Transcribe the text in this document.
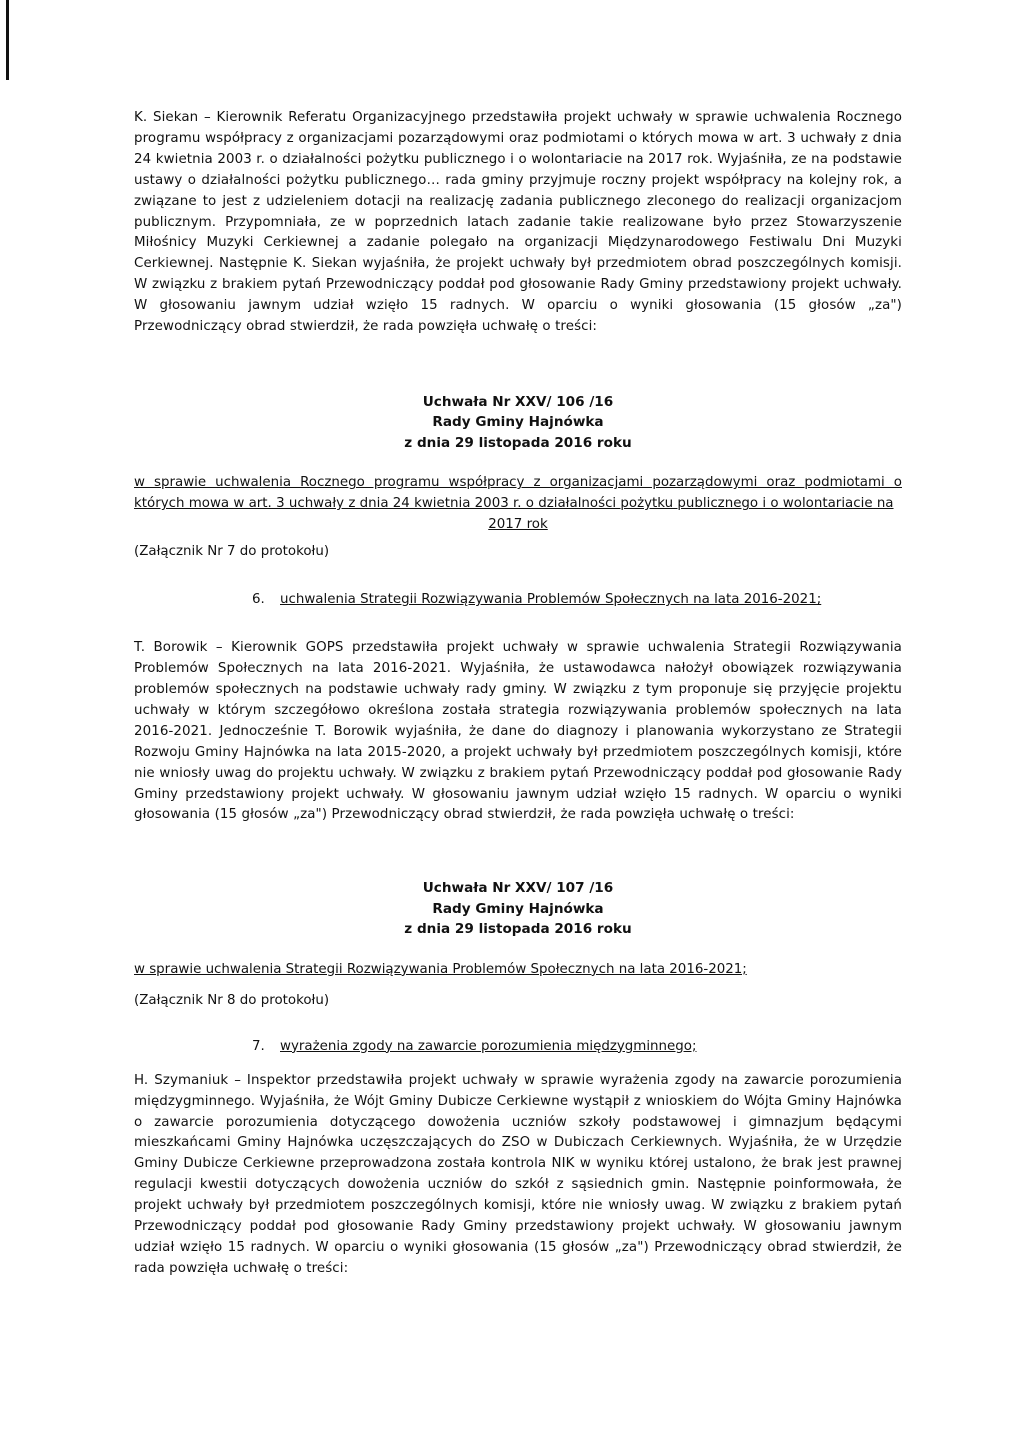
K. Siekan – Kierownik Referatu Organizacyjnego przedstawiła projekt uchwały w sprawie uchwalenia Rocznego programu współpracy z organizacjami pozarządowymi oraz podmiotami o których mowa w art. 3 uchwały z dnia 24 kwietnia 2003 r. o działalności pożytku publicznego i o wolontariacie na 2017 rok. Wyjaśniła, ze na podstawie ustawy o działalności pożytku publicznego… rada gminy przyjmuje roczny projekt współpracy na kolejny rok, a związane to jest z udzieleniem dotacji na realizację zadania publicznego zleconego do realizacji organizacjom publicznym. Przypomniała, ze w poprzednich latach zadanie takie realizowane było przez Stowarzyszenie Miłośnicy Muzyki Cerkiewnej a zadanie polegało na organizacji Międzynarodowego Festiwalu Dni Muzyki Cerkiewnej. Następnie K. Siekan wyjaśniła, że projekt uchwały był przedmiotem obrad poszczególnych komisji. W związku z brakiem pytań Przewodniczący poddał pod głosowanie Rady Gminy przedstawiony projekt uchwały. W głosowaniu jawnym udział wzięło 15 radnych. W oparciu o wyniki głosowania (15 głosów „za") Przewodniczący obrad stwierdził, że rada powzięła uchwałę o treści:

Uchwała Nr XXV/ 106 /16
Rady Gminy Hajnówka
z dnia 29 listopada 2016 roku

w sprawie uchwalenia Rocznego programu współpracy z organizacjami pozarządowymi oraz podmiotami o których mowa w art. 3 uchwały z dnia 24 kwietnia 2003 r. o działalności pożytku publicznego i o wolontariacie na
2017 rok

(Załącznik Nr 7 do protokołu)

6. uchwalenia Strategii Rozwiązywania Problemów Społecznych na lata 2016-2021;

T. Borowik – Kierownik GOPS przedstawiła projekt uchwały w sprawie uchwalenia Strategii Rozwiązywania Problemów Społecznych na lata 2016-2021. Wyjaśniła, że ustawodawca nałożył obowiązek rozwiązywania problemów społecznych na podstawie uchwały rady gminy. W związku z tym proponuje się przyjęcie projektu uchwały w którym szczegółowo określona została strategia rozwiązywania problemów społecznych na lata 2016-2021. Jednocześnie T. Borowik wyjaśniła, że dane do diagnozy i planowania wykorzystano ze Strategii Rozwoju Gminy Hajnówka na lata 2015-2020, a projekt uchwały był przedmiotem poszczególnych komisji, które nie wniosły uwag do projektu uchwały. W związku z brakiem pytań Przewodniczący poddał pod głosowanie Rady Gminy przedstawiony projekt uchwały. W głosowaniu jawnym udział wzięło 15 radnych. W oparciu o wyniki głosowania (15 głosów „za") Przewodniczący obrad stwierdził, że rada powzięła uchwałę o treści:

Uchwała Nr XXV/ 107 /16
Rady Gminy Hajnówka
z dnia 29 listopada 2016 roku

w sprawie uchwalenia Strategii Rozwiązywania Problemów Społecznych na lata 2016-2021;

(Załącznik Nr 8 do protokołu)

7. wyrażenia zgody na zawarcie porozumienia międzygminnego;

H. Szymaniuk – Inspektor przedstawiła projekt uchwały w sprawie wyrażenia zgody na zawarcie porozumienia międzygminnego. Wyjaśniła, że Wójt Gminy Dubicze Cerkiewne wystąpił z wnioskiem do Wójta Gminy Hajnówka o zawarcie porozumienia dotyczącego dowożenia uczniów szkoły podstawowej i gimnazjum będącymi mieszkańcami Gminy Hajnówka uczęszczających do ZSO w Dubiczach Cerkiewnych. Wyjaśniła, że w Urzędzie Gminy Dubicze Cerkiewne przeprowadzona została kontrola NIK w wyniku której ustalono, że brak jest prawnej regulacji kwestii dotyczących dowożenia uczniów do szkół z sąsiednich gmin. Następnie poinformowała, że projekt uchwały był przedmiotem poszczególnych komisji, które nie wniosły uwag. W związku z brakiem pytań Przewodniczący poddał pod głosowanie Rady Gminy przedstawiony projekt uchwały. W głosowaniu jawnym udział wzięło 15 radnych. W oparciu o wyniki głosowania (15 głosów „za") Przewodniczący obrad stwierdził, że rada powzięła uchwałę o treści:
